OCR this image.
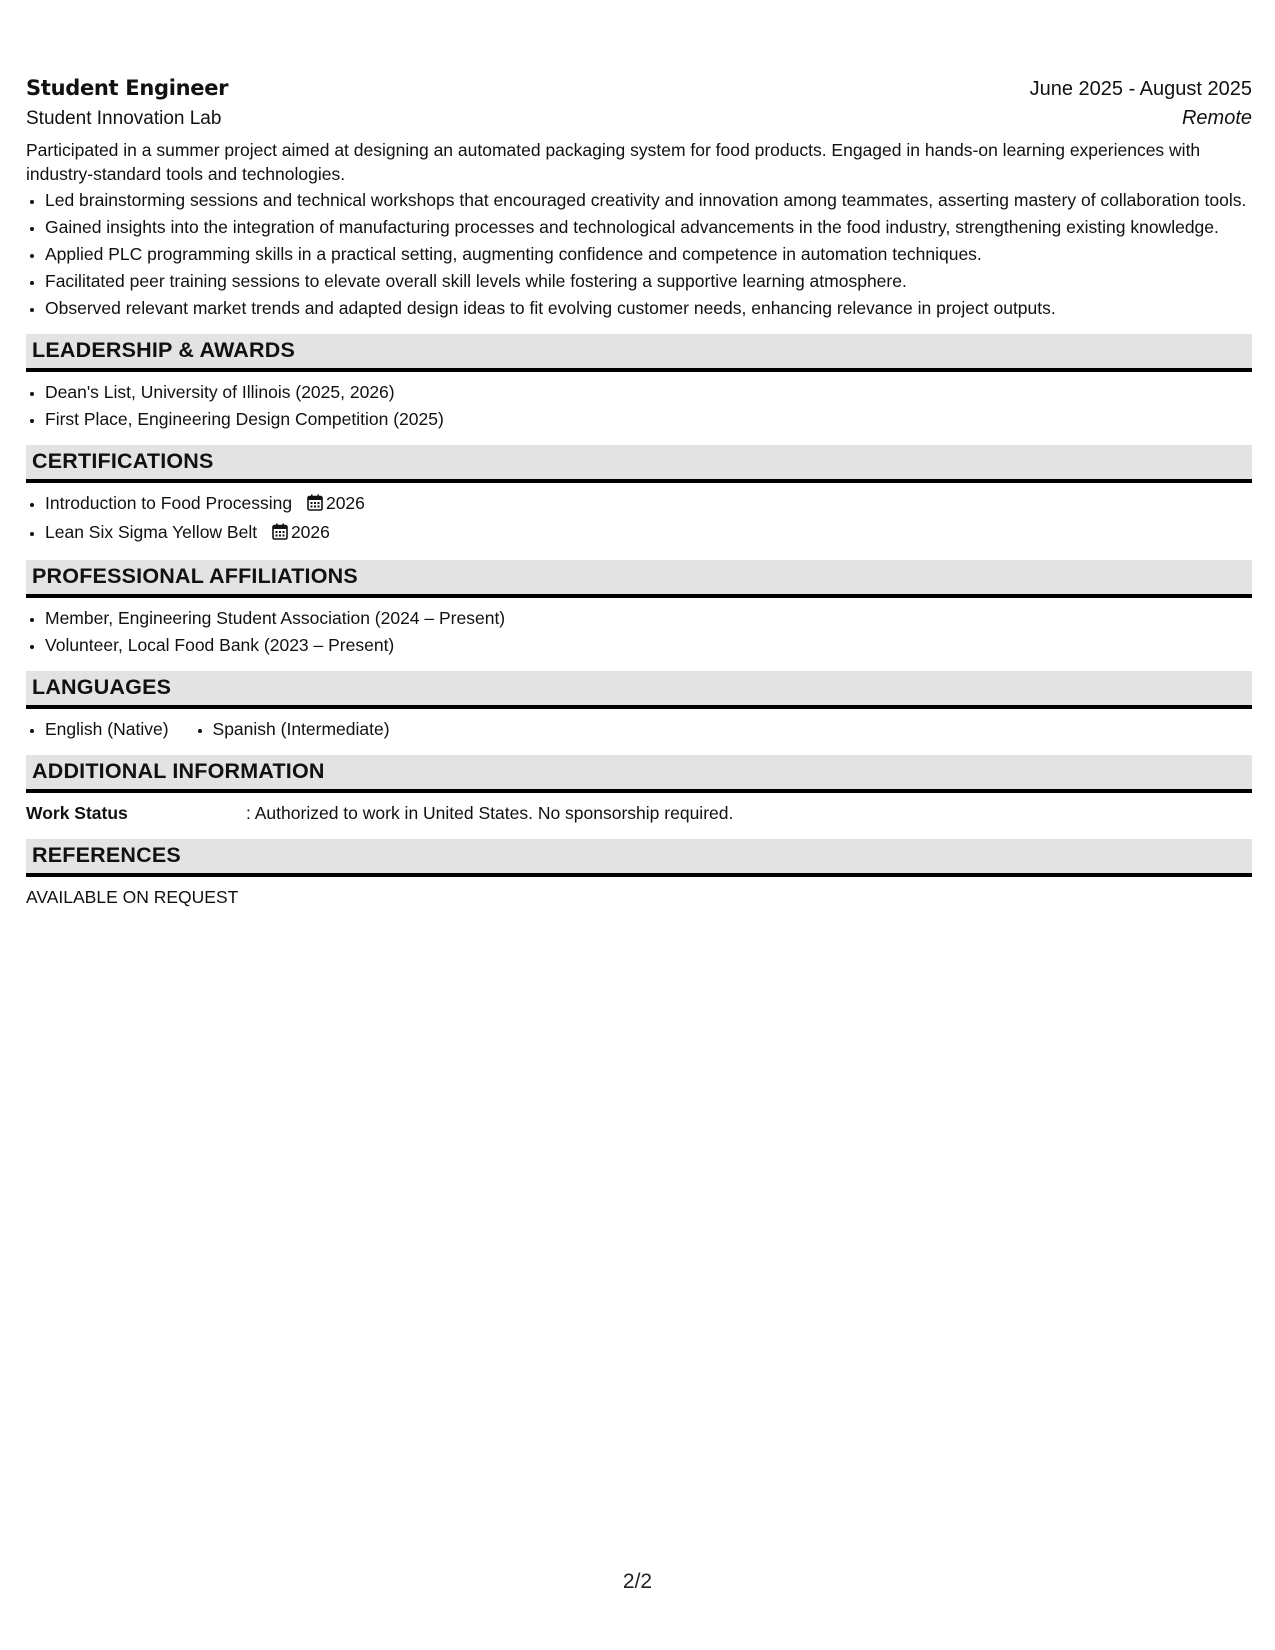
Student Engineer	June 2025 - August 2025
Student Innovation Lab	Remote
Participated in a summer project aimed at designing an automated packaging system for food products. Engaged in hands-on learning experiences with industry-standard tools and technologies.
• Led brainstorming sessions and technical workshops that encouraged creativity and innovation among teammates, asserting mastery of collaboration tools.
• Gained insights into the integration of manufacturing processes and technological advancements in the food industry, strengthening existing knowledge.
• Applied PLC programming skills in a practical setting, augmenting confidence and competence in automation techniques.
• Facilitated peer training sessions to elevate overall skill levels while fostering a supportive learning atmosphere.
• Observed relevant market trends and adapted design ideas to fit evolving customer needs, enhancing relevance in project outputs.
LEADERSHIP & AWARDS
• Dean's List, University of Illinois (2025, 2026)
• First Place, Engineering Design Competition (2025)
CERTIFICATIONS
• Introduction to Food Processing 2026
• Lean Six Sigma Yellow Belt 2026
PROFESSIONAL AFFILIATIONS
• Member, Engineering Student Association (2024 – Present)
• Volunteer, Local Food Bank (2023 – Present)
LANGUAGES
• English (Native)
•	Spanish (Intermediate)
ADDITIONAL INFORMATION
Work Status	: Authorized to work in United States. No sponsorship required.
REFERENCES
AVAILABLE ON REQUEST
2/2
